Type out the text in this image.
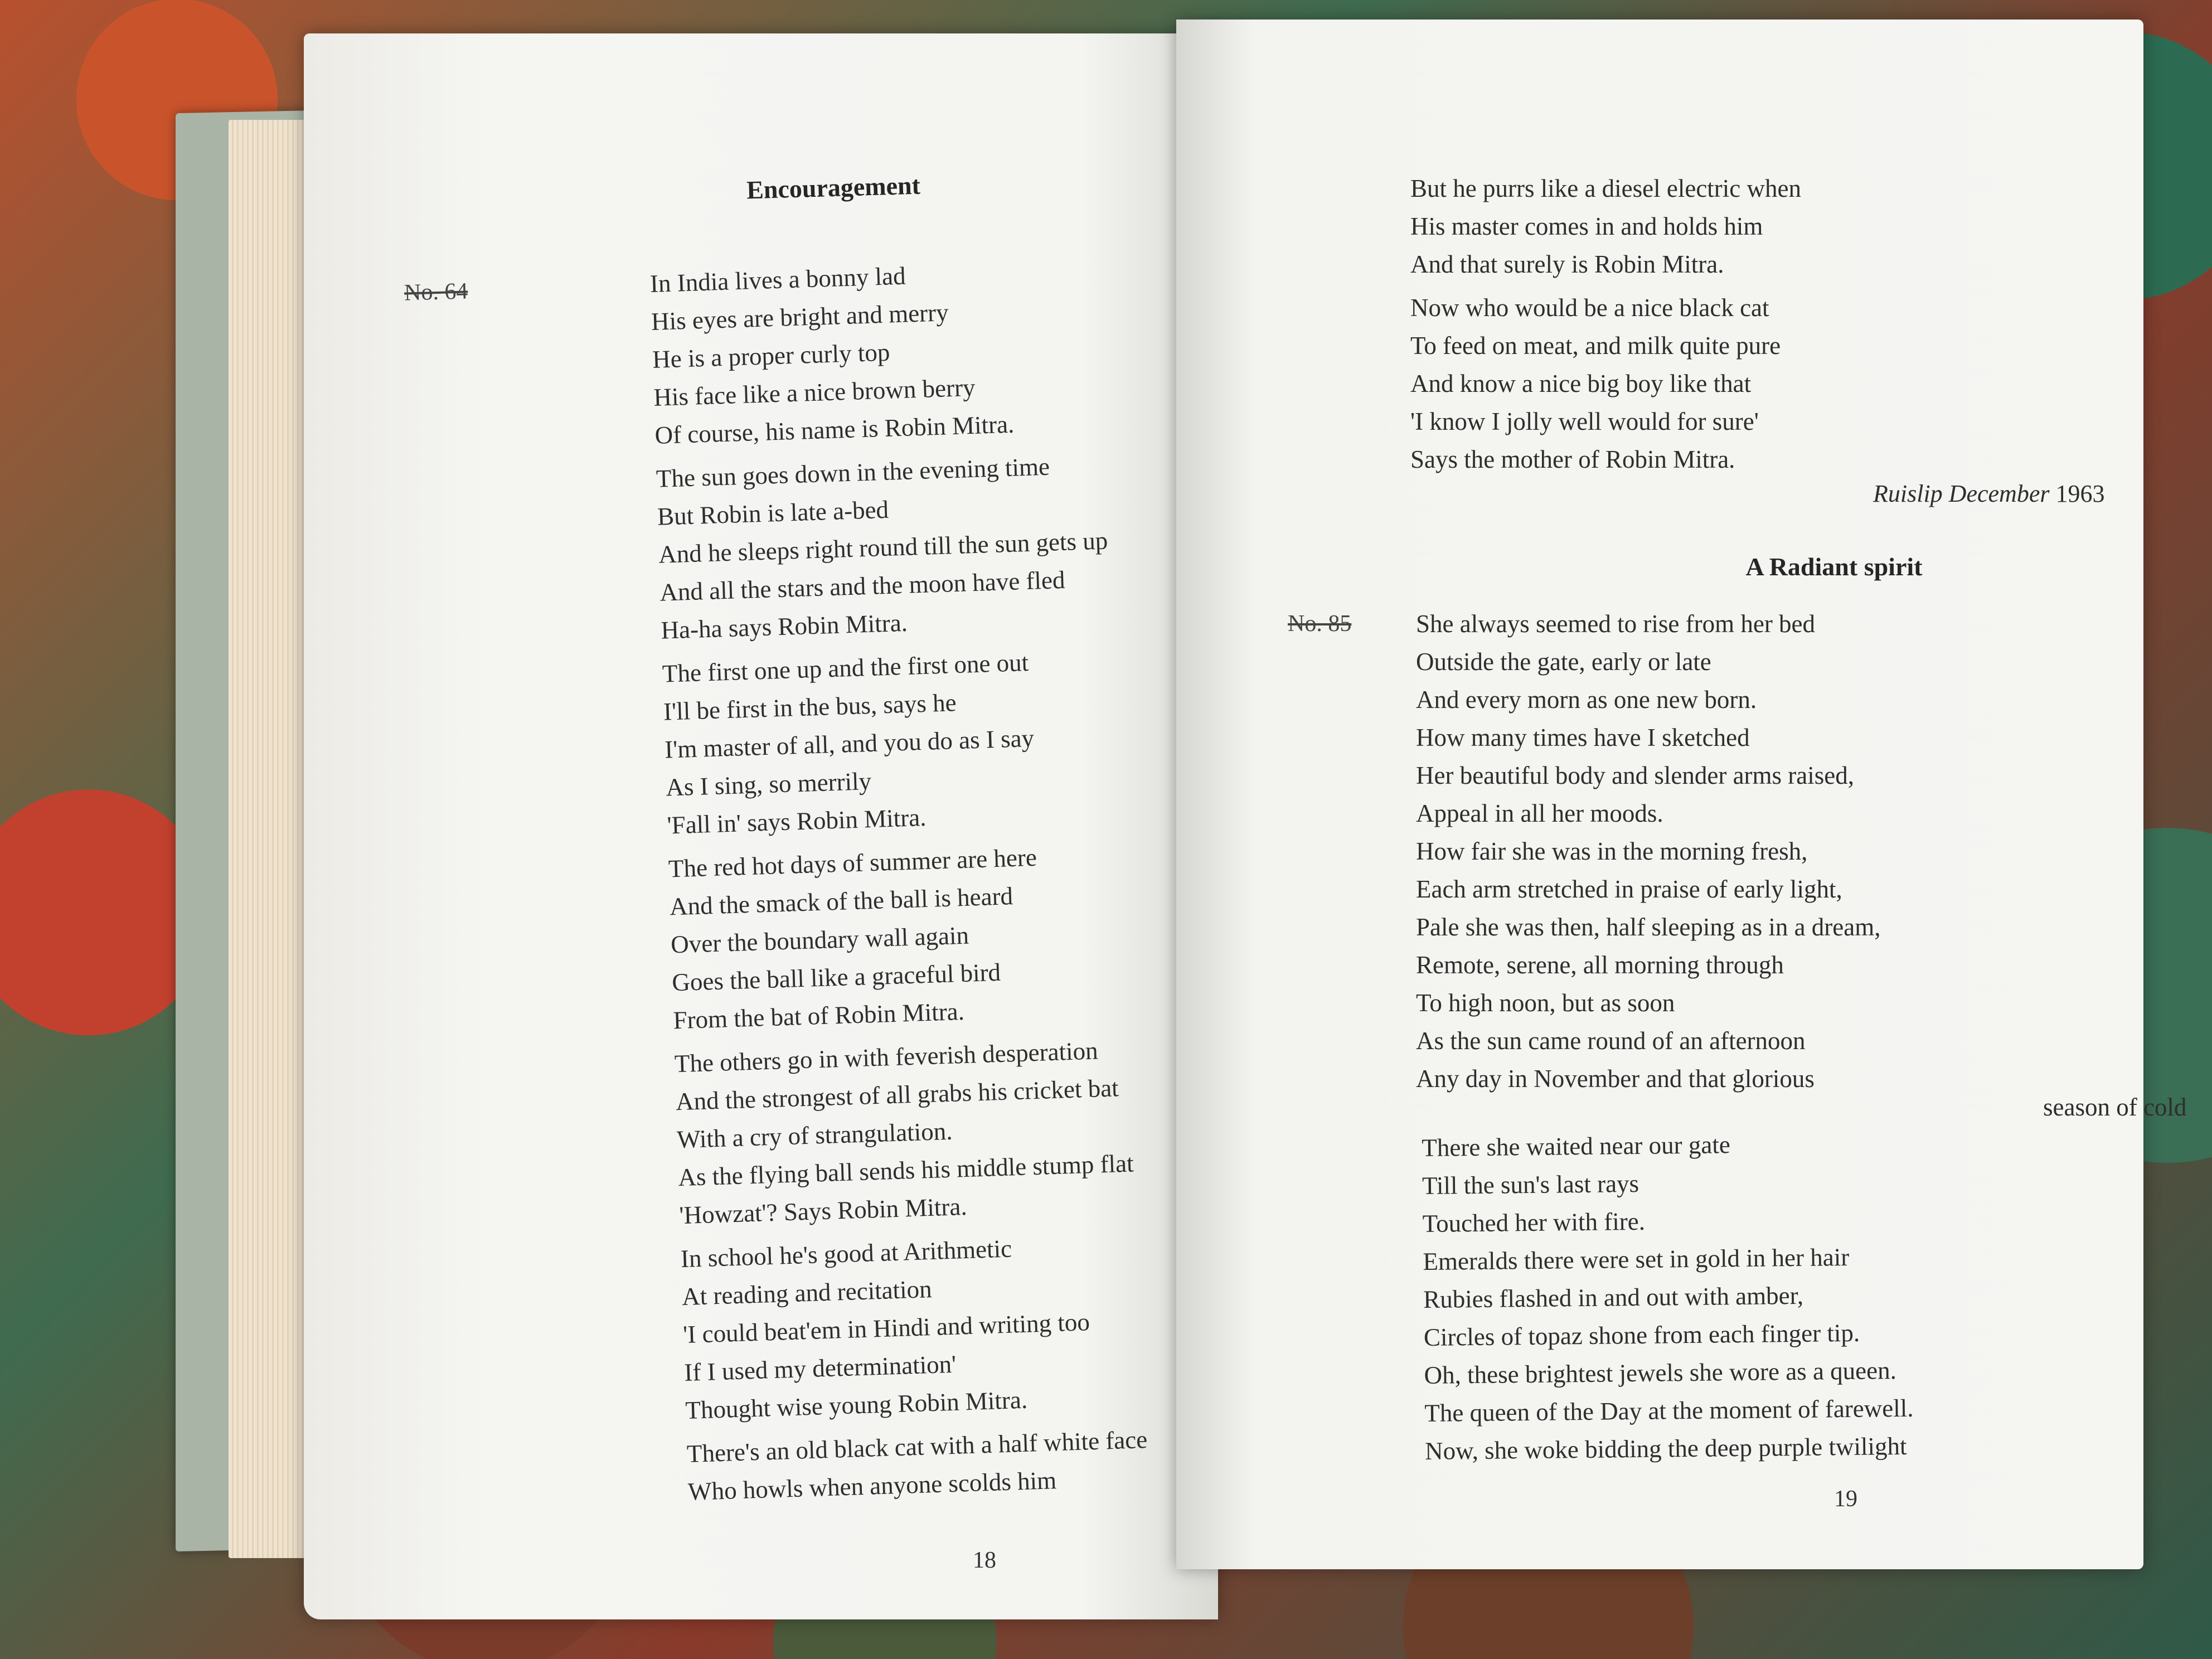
Encouragement
No. 64	In India lives a bonny lad
His eyes are bright and merry
He is a proper curly top
His face like a nice brown berry
Of course, his name is Robin Mitra.
The sun goes down in the evening time
But Robin is late a-bed
And he sleeps right round till the sun gets up
And all the stars and the moon have fled
Ha-ha says Robin Mitra.
The first one up and the first one out
I'll be first in the bus, says he
I'm master of all, and you do as I say
As I sing, so merrily
'Fall in' says Robin Mitra.
The red hot days of summer are here
And the smack of the ball is heard
Over the boundary wall again
Goes the ball like a graceful bird
From the bat of Robin Mitra.
The others go in with feverish desperation
And the strongest of all grabs his cricket bat
With a cry of strangulation.
As the flying ball sends his middle stump flat
'Howzat'? Says Robin Mitra.
In school he's good at Arithmetic
At reading and recitation
'I could beat'em in Hindi and writing too
If I used my determination'
Thought wise young Robin Mitra.
There's an old black cat with a half white face
Who howls when anyone scolds him
18
But he purrs like a diesel electric when
His master comes in and holds him
And that surely is Robin Mitra.
Now who would be a nice black cat
To feed on meat, and milk quite pure
And know a nice big boy like that
'I know I jolly well would for sure'
Says the mother of Robin Mitra.
Ruislip December 1963
A Radiant spirit
No. 85	She always seemed to rise from her bed
Outside the gate, early or late
And every morn as one new born.
How many times have I sketched
Her beautiful body and slender arms raised,
Appeal in all her moods.
How fair she was in the morning fresh,
Each arm stretched in praise of early light,
Pale she was then, half sleeping as in a dream,
Remote, serene, all morning through
To high noon, but as soon
As the sun came round of an afternoon
Any day in November and that glorious
season of cold
There she waited near our gate
Till the sun's last rays
Touched her with fire.
Emeralds there were set in gold in her hair
Rubies flashed in and out with amber,
Circles of topaz shone from each finger tip.
Oh, these brightest jewels she wore as a queen.
The queen of the Day at the moment of farewell.
Now, she woke bidding the deep purple twilight
19
